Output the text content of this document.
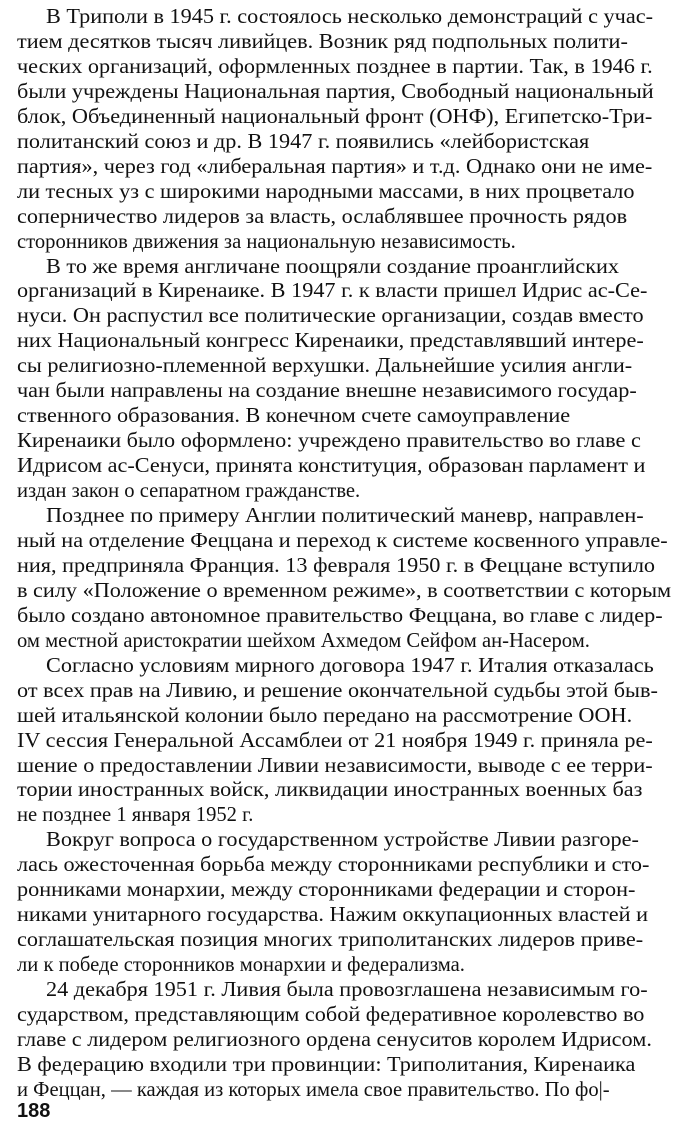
В Триполи в 1945 г. состоялось несколько демонстраций с учас-
тием десятков тысяч ливийцев. Возник ряд подпольных полити-
ческих организаций, оформленных позднее в партии. Так, в 1946 г.
были учреждены Национальная партия, Свободный национальный
блок, Объединенный национальный фронт (ОНФ), Египетско-Три-
политанский союз и др. В 1947 г. появились «лейбористская
партия», через год «либеральная партия» и т.д. Однако они не име-
ли тесных уз с широкими народными массами, в них процветало
соперничество лидеров за власть, ослаблявшее прочность рядов
сторонников движения за национальную независимость.
В то же время англичане поощряли создание проанглийских
организаций в Киренаике. В 1947 г. к власти пришел Идрис ас-Се-
нуси. Он распустил все политические организации, создав вместо
них Национальный конгресс Киренаики, представлявший интере-
сы религиозно-племенной верхушки. Дальнейшие усилия англи-
чан были направлены на создание внешне независимого государ-
ственного образования. В конечном счете самоуправление
Киренаики было оформлено: учреждено правительство во главе с
Идрисом ас-Сенуси, принята конституция, образован парламент и
издан закон о сепаратном гражданстве.
Позднее по примеру Англии политический маневр, направлен-
ный на отделение Феццана и переход к системе косвенного управле-
ния, предприняла Франция. 13 февраля 1950 г. в Феццане вступило
в силу «Положение о временном режиме», в соответствии с которым
было создано автономное правительство Феццана, во главе с лидер-
ом местной аристократии шейхом Ахмедом Сейфом ан-Насером.
Согласно условиям мирного договора 1947 г. Италия отказалась
от всех прав на Ливию, и решение окончательной судьбы этой быв-
шей итальянской колонии было передано на рассмотрение ООН.
IV сессия Генеральной Ассамблеи от 21 ноября 1949 г. приняла ре-
шение о предоставлении Ливии независимости, выводе с ее терри-
тории иностранных войск, ликвидации иностранных военных баз
не позднее 1 января 1952 г.
Вокруг вопроса о государственном устройстве Ливии разгоре-
лась ожесточенная борьба между сторонниками республики и сто-
ронниками монархии, между сторонниками федерации и сторон-
никами унитарного государства. Нажим оккупационных властей и
соглашательская позиция многих триполитанских лидеров приве-
ли к победе сторонников монархии и федерализма.
24 декабря 1951 г. Ливия была провозглашена независимым го-
сударством, представляющим собой федеративное королевство во
главе с лидером религиозного ордена сенуситов королем Идрисом.
В федерацию входили три провинции: Триполитания, Киренаика
и Феццан, — каждая из которых имела свое правительство. По фо|-
188
